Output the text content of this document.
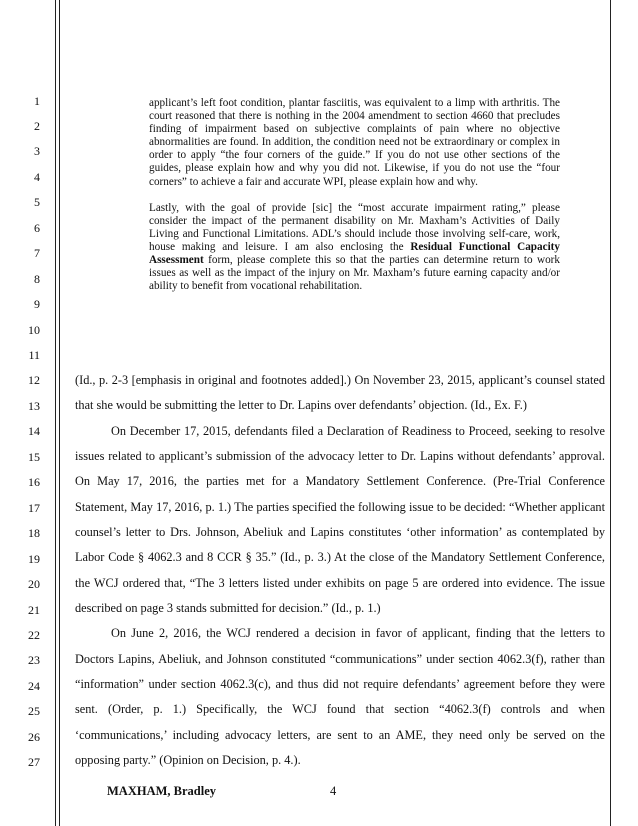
1
2
3
4
5
6
7
8
9
10
11
12
13
14
15
16
17
18
19
20
21
22
23
24
25
26
27

applicant’s left foot condition, plantar fasciitis, was equivalent to a limp with arthritis. The court reasoned that there is nothing in the 2004 amendment to section 4660 that precludes finding of impairment based on subjective complaints of pain where no objective abnormalities are found. In addition, the condition need not be extraordinary or complex in order to apply “the four corners of the guide.” If you do not use other sections of the guides, please explain how and why you did not. Likewise, if you do not use the “four corners” to achieve a fair and accurate WPI, please explain how and why.

Lastly, with the goal of provide [sic] the “most accurate impairment rating,” please consider the impact of the permanent disability on Mr. Maxham’s Activities of Daily Living and Functional Limitations. ADL’s should include those involving self-care, work, house making and leisure. I am also enclosing the Residual Functional Capacity Assessment form, please complete this so that the parties can determine return to work issues as well as the impact of the injury on Mr. Maxham’s future earning capacity and/or ability to benefit from vocational rehabilitation.

(Id., p. 2-3 [emphasis in original and footnotes added].) On November 23, 2015, applicant’s counsel stated that she would be submitting the letter to Dr. Lapins over defendants’ objection. (Id., Ex. F.)

On December 17, 2015, defendants filed a Declaration of Readiness to Proceed, seeking to resolve issues related to applicant’s submission of the advocacy letter to Dr. Lapins without defendants’ approval. On May 17, 2016, the parties met for a Mandatory Settlement Conference. (Pre-Trial Conference Statement, May 17, 2016, p. 1.) The parties specified the following issue to be decided: “Whether applicant counsel’s letter to Drs. Johnson, Abeliuk and Lapins constitutes ‘other information’ as contemplated by Labor Code § 4062.3 and 8 CCR § 35.” (Id., p. 3.) At the close of the Mandatory Settlement Conference, the WCJ ordered that, “The 3 letters listed under exhibits on page 5 are ordered into evidence. The issue described on page 3 stands submitted for decision.” (Id., p. 1.)

On June 2, 2016, the WCJ rendered a decision in favor of applicant, finding that the letters to Doctors Lapins, Abeliuk, and Johnson constituted “communications” under section 4062.3(f), rather than “information” under section 4062.3(c), and thus did not require defendants’ agreement before they were sent. (Order, p. 1.) Specifically, the WCJ found that section “4062.3(f) controls and when ‘communications,’ including advocacy letters, are sent to an AME, they need only be served on the opposing party.” (Opinion on Decision, p. 4.).

MAXHAM, Bradley	4
